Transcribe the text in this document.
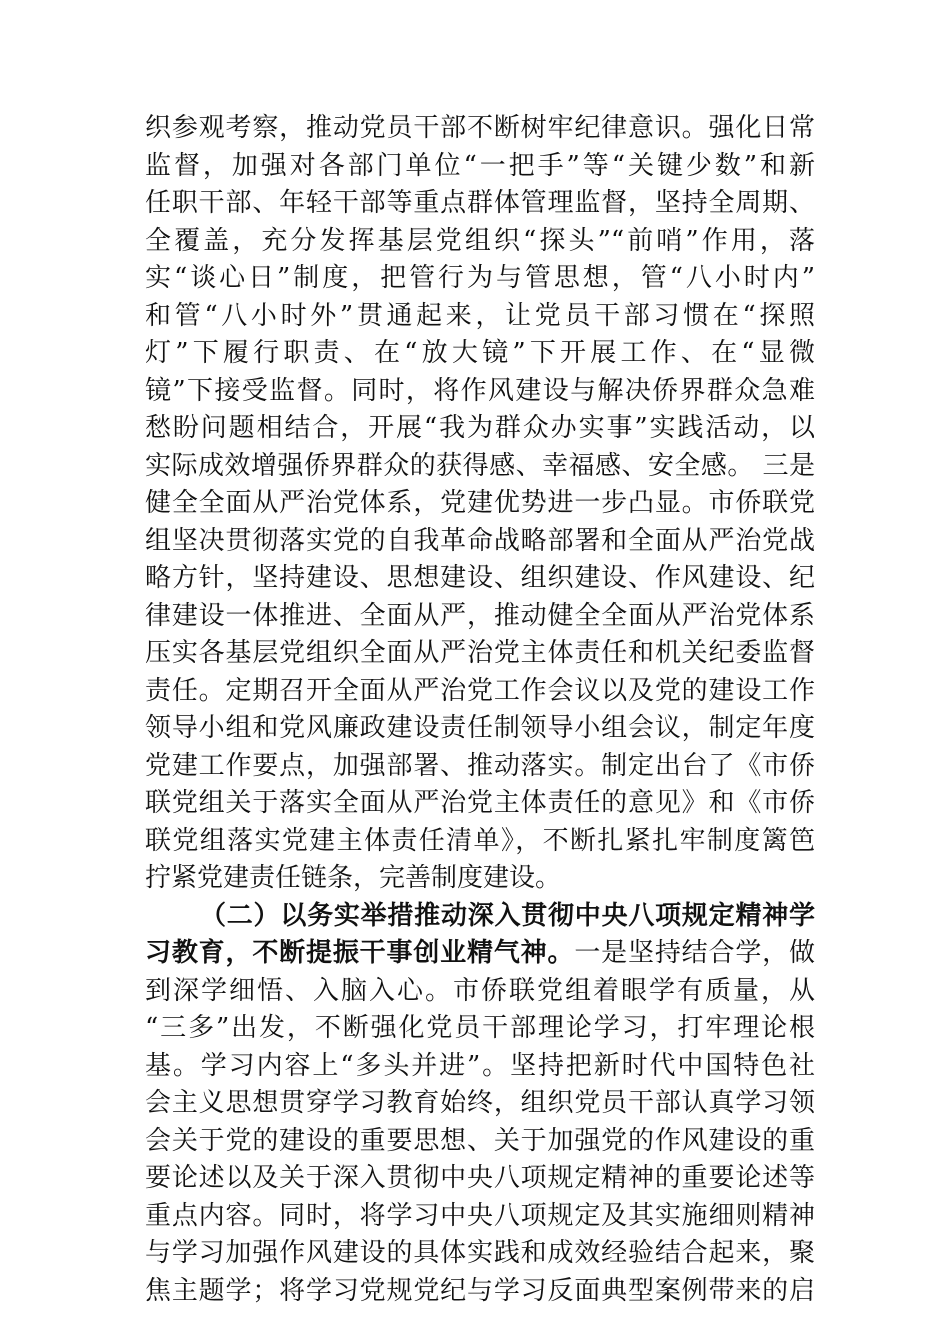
织参观考察，推动党员干部不断树牢纪律意识。强化日常
监督，加强对各部门单位“一把手”等“关键少数”和新
任职干部、年轻干部等重点群体管理监督，坚持全周期、
全覆盖，充分发挥基层党组织“探头”“前哨”作用，落
实“谈心日”制度，把管行为与管思想，管“八小时内”
和管“八小时外”贯通起来，让党员干部习惯在“探照
灯”下履行职责、在“放大镜”下开展工作、在“显微
镜”下接受监督。同时，将作风建设与解决侨界群众急难
愁盼问题相结合，开展“我为群众办实事”实践活动，以
实际成效增强侨界群众的获得感、幸福感、安全感。 三是
健全全面从严治党体系，党建优势进一步凸显。市侨联党
组坚决贯彻落实党的自我革命战略部署和全面从严治党战
略方针，坚持建设、思想建设、组织建设、作风建设、纪
律建设一体推进、全面从严，推动健全全面从严治党体系
压实各基层党组织全面从严治党主体责任和机关纪委监督
责任。定期召开全面从严治党工作会议以及党的建设工作
领导小组和党风廉政建设责任制领导小组会议，制定年度
党建工作要点，加强部署、推动落实。制定出台了《市侨
联党组关于落实全面从严治党主体责任的意见》和《市侨
联党组落实党建主体责任清单》，不断扎紧扎牢制度篱笆
拧紧党建责任链条，完善制度建设。
（二）以务实举措推动深入贯彻中央八项规定精神学
习教育，不断提振干事创业精气神。一是坚持结合学，做
到深学细悟、入脑入心。市侨联党组着眼学有质量，从
“三多”出发，不断强化党员干部理论学习，打牢理论根
基。学习内容上“多头并进”。坚持把新时代中国特色社
会主义思想贯穿学习教育始终，组织党员干部认真学习领
会关于党的建设的重要思想、关于加强党的作风建设的重
要论述以及关于深入贯彻中央八项规定精神的重要论述等
重点内容。同时，将学习中央八项规定及其实施细则精神
与学习加强作风建设的具体实践和成效经验结合起来，聚
焦主题学；将学习党规党纪与学习反面典型案例带来的启
